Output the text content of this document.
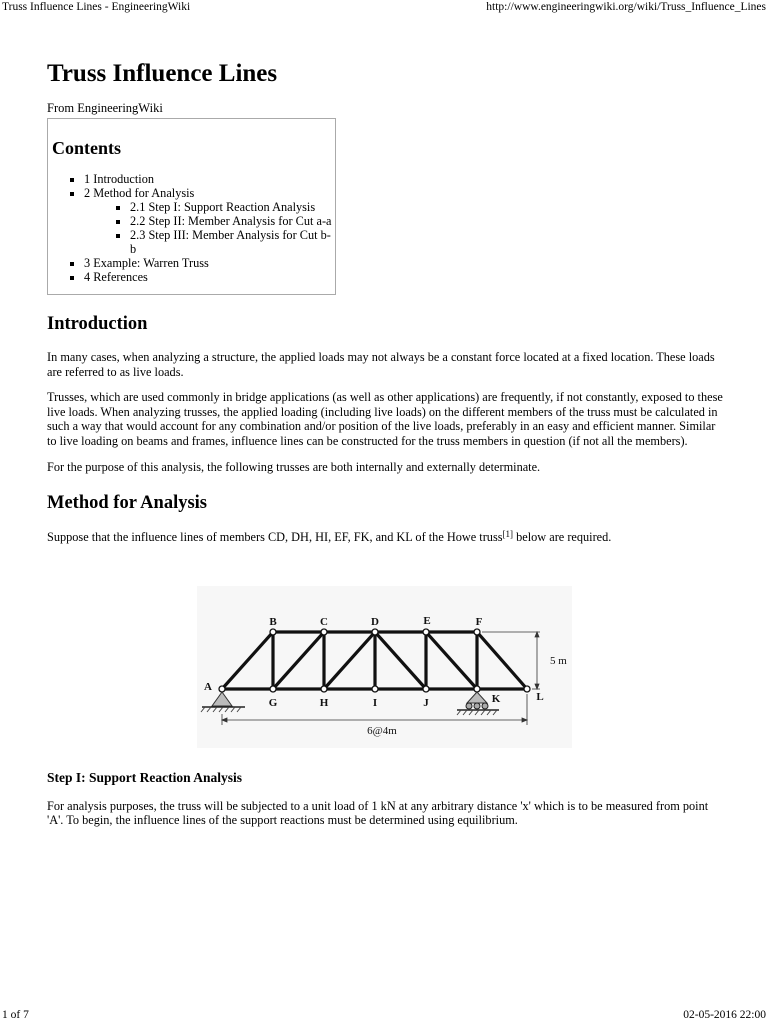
Truss Influence Lines - EngineeringWiki	http://www.engineeringwiki.org/wiki/Truss_Influence_Lines
Truss Influence Lines
From EngineeringWiki
Contents
1 Introduction
2 Method for Analysis
2.1 Step I: Support Reaction Analysis
2.2 Step II: Member Analysis for Cut a-a
2.3 Step III: Member Analysis for Cut b-b
3 Example: Warren Truss
4 References
Introduction

In many cases, when analyzing a structure, the applied loads may not always be a constant force located at a fixed location. These loads are referred to as live loads.

Trusses, which are used commonly in bridge applications (as well as other applications) are frequently, if not constantly, exposed to these live loads. When analyzing trusses, the applied loading (including live loads) on the different members of the truss must be calculated in such a way that would account for any combination and/or position of the live loads, preferably in an easy and efficient manner. Similar to live loading on beams and frames, influence lines can be constructed for the truss members in question (if not all the members).

For the purpose of this analysis, the following trusses are both internally and externally determinate.

Method for Analysis

Suppose that the influence lines of members CD, DH, HI, EF, FK, and KL of the Howe truss[1] below are required.

B	C	D	E	F
G	H	I	J	K
A
L
5 m
6@4m
Step I: Support Reaction Analysis

For analysis purposes, the truss will be subjected to a unit load of 1 kN at any arbitrary distance 'x' which is to be measured from point 'A'. To begin, the influence lines of the support reactions must be determined using equilibrium.

1 of 7	02-05-2016 22:00
